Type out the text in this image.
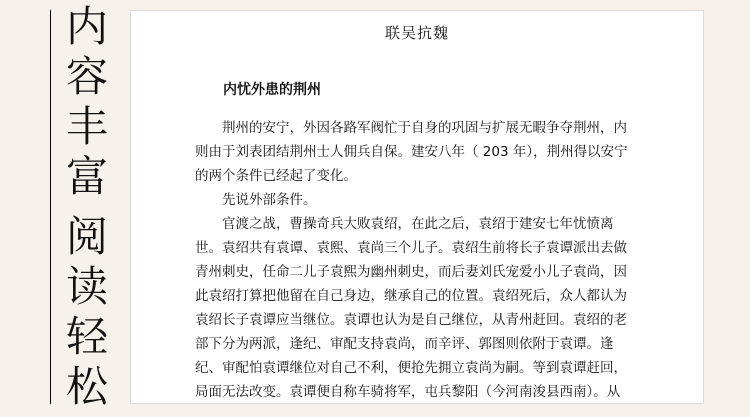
内
容
丰
富
阅
读
轻
松
联吴抗魏
内忧外患的荆州
荆州的安宁，外因各路军阀忙于自身的巩固与扩展无暇争夺荆州，内
则由于刘表团结荆州士人佣兵自保。建安八年（ 203 年），荆州得以安宁
的两个条件已经起了变化。
先说外部条件。
官渡之战，曹操奇兵大败袁绍，在此之后，袁绍于建安七年忧愤离
世。袁绍共有袁谭、袁熙、袁尚三个儿子。袁绍生前将长子袁谭派出去做
青州刺史，任命二儿子袁熙为幽州刺史，而后妻刘氏宠爱小儿子袁尚，因
此袁绍打算把他留在自己身边，继承自己的位置。袁绍死后，众人都认为
袁绍长子袁谭应当继位。袁谭也认为是自己继位，从青州赶回。袁绍的老
部下分为两派，逢纪、审配支持袁尚，而辛评、郭图则依附于袁谭。逢
纪、审配怕袁谭继位对自己不利，便抢先拥立袁尚为嗣。等到袁谭赶回，
局面无法改变。袁谭便自称车骑将军，屯兵黎阳（今河南浚县西南）。从
